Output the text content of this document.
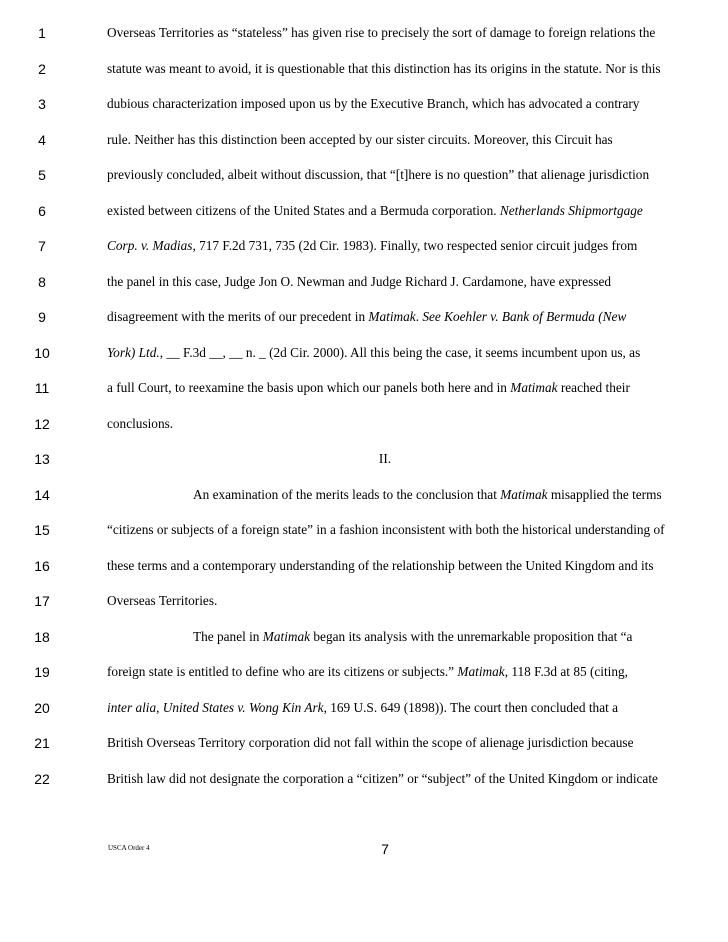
1	Overseas Territories as “stateless” has given rise to precisely the sort of damage to foreign relations the
2	statute was meant to avoid, it is questionable that this distinction has its origins in the statute. Nor is this
3	dubious characterization imposed upon us by the Executive Branch, which has advocated a contrary
4	rule. Neither has this distinction been accepted by our sister circuits. Moreover, this Circuit has
5	previously concluded, albeit without discussion, that “[t]here is no question” that alienage jurisdiction
6	existed between citizens of the United States and a Bermuda corporation. Netherlands Shipmortgage
7	Corp. v. Madias, 717 F.2d 731, 735 (2d Cir. 1983). Finally, two respected senior circuit judges from
8	the panel in this case, Judge Jon O. Newman and Judge Richard J. Cardamone, have expressed
9	disagreement with the merits of our precedent in Matimak. See Koehler v. Bank of Bermuda (New
10	York) Ltd., __ F.3d __, __ n. _ (2d Cir. 2000). All this being the case, it seems incumbent upon us, as
11	a full Court, to reexamine the basis upon which our panels both here and in Matimak reached their
12	conclusions.
13	II.
14	An examination of the merits leads to the conclusion that Matimak misapplied the terms
15	“citizens or subjects of a foreign state” in a fashion inconsistent with both the historical understanding of
16	these terms and a contemporary understanding of the relationship between the United Kingdom and its
17	Overseas Territories.
18	The panel in Matimak began its analysis with the unremarkable proposition that “a
19	foreign state is entitled to define who are its citizens or subjects.” Matimak, 118 F.3d at 85 (citing,
20	inter alia, United States v. Wong Kin Ark, 169 U.S. 649 (1898)). The court then concluded that a
21	British Overseas Territory corporation did not fall within the scope of alienage jurisdiction because
22	British law did not designate the corporation a “citizen” or “subject” of the United Kingdom or indicate
USCA Order 4	7
